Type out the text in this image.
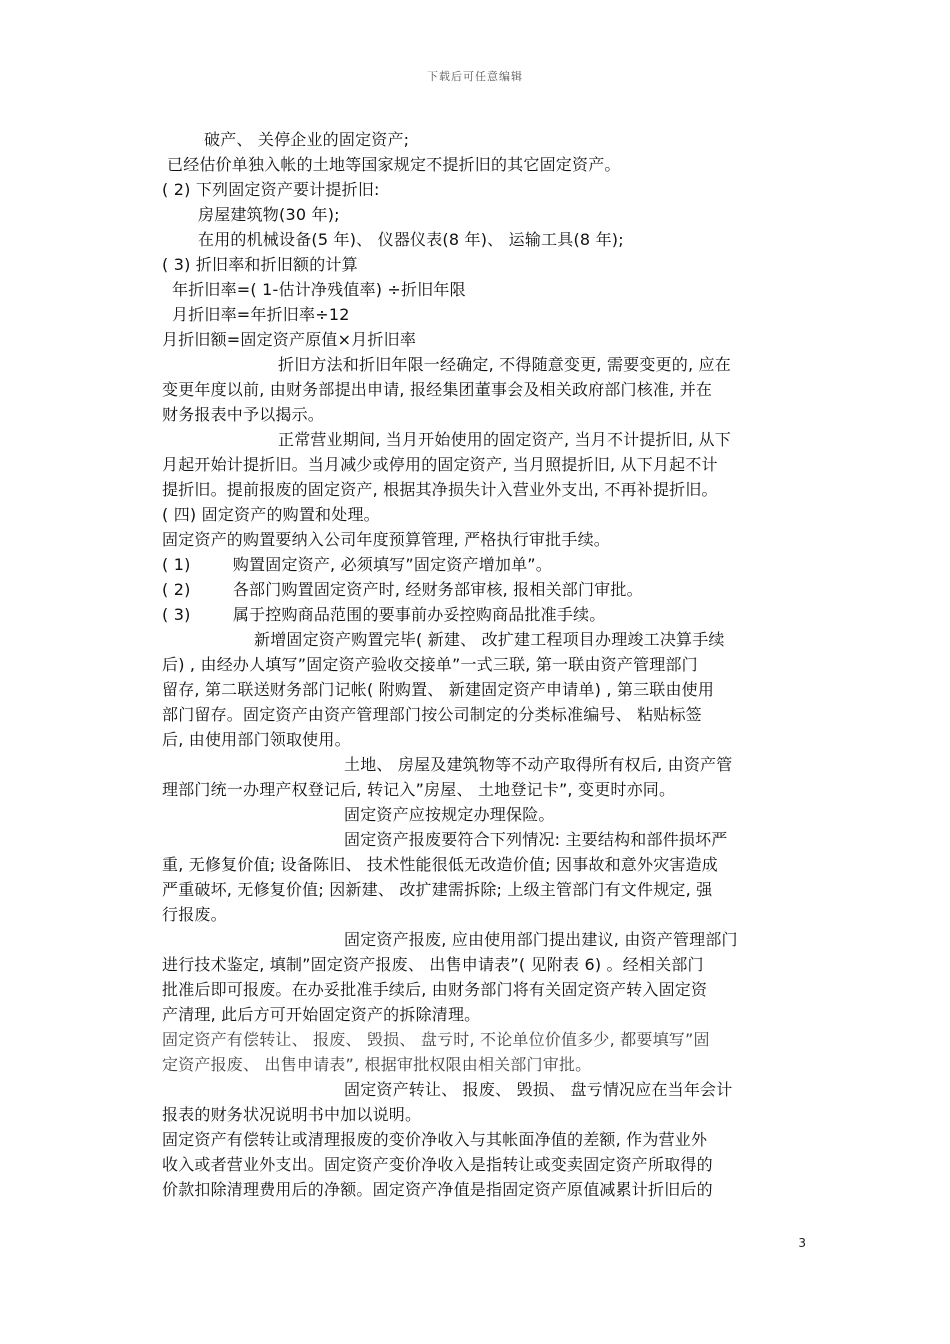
下载后可任意编辑
破产、 关停企业的固定资产;
已经估价单独入帐的土地等国家规定不提折旧的其它固定资产。
( 2) 下列固定资产要计提折旧:
房屋建筑物(30 年);
在用的机械设备(5 年)、 仪器仪表(8 年)、 运输工具(8 年);
( 3) 折旧率和折旧额的计算
年折旧率=( 1-估计净残值率) ÷折旧年限
月折旧率=年折旧率÷12
月折旧额=固定资产原值×月折旧率
折旧方法和折旧年限一经确定, 不得随意变更, 需要变更的, 应在
变更年度以前, 由财务部提出申请, 报经集团董事会及相关政府部门核准, 并在
财务报表中予以揭示。
正常营业期间, 当月开始使用的固定资产, 当月不计提折旧, 从下
月起开始计提折旧。当月减少或停用的固定资产, 当月照提折旧, 从下月起不计
提折旧。提前报废的固定资产, 根据其净损失计入营业外支出, 不再补提折旧。
( 四) 固定资产的购置和处理。
固定资产的购置要纳入公司年度预算管理, 严格执行审批手续。
( 1)        购置固定资产, 必须填写”固定资产增加单”。
( 2)        各部门购置固定资产时, 经财务部审核, 报相关部门审批。
( 3)        属于控购商品范围的要事前办妥控购商品批准手续。
新增固定资产购置完毕( 新建、 改扩建工程项目办理竣工决算手续
后) , 由经办人填写”固定资产验收交接单”一式三联, 第一联由资产管理部门
留存, 第二联送财务部门记帐( 附购置、 新建固定资产申请单) , 第三联由使用
部门留存。固定资产由资产管理部门按公司制定的分类标准编号、 粘贴标签
后, 由使用部门领取使用。
土地、 房屋及建筑物等不动产取得所有权后, 由资产管
理部门统一办理产权登记后, 转记入”房屋、 土地登记卡”, 变更时亦同。
固定资产应按规定办理保险。
固定资产报废要符合下列情况: 主要结构和部件损坏严
重, 无修复价值; 设备陈旧、 技术性能很低无改造价值; 因事故和意外灾害造成
严重破坏, 无修复价值; 因新建、 改扩建需拆除; 上级主管部门有文件规定, 强
行报废。
固定资产报废, 应由使用部门提出建议, 由资产管理部门
进行技术鉴定, 填制”固定资产报废、 出售申请表”( 见附表 6) 。经相关部门
批准后即可报废。在办妥批准手续后, 由财务部门将有关固定资产转入固定资
产清理, 此后方可开始固定资产的拆除清理。
固定资产有偿转让、 报废、 毁损、 盘亏时, 不论单位价值多少, 都要填写”固
定资产报废、 出售申请表”, 根据审批权限由相关部门审批。
固定资产转让、 报废、 毁损、 盘亏情况应在当年会计
报表的财务状况说明书中加以说明。
固定资产有偿转让或清理报废的变价净收入与其帐面净值的差额, 作为营业外
收入或者营业外支出。固定资产变价净收入是指转让或变卖固定资产所取得的
价款扣除清理费用后的净额。固定资产净值是指固定资产原值减累计折旧后的
3
